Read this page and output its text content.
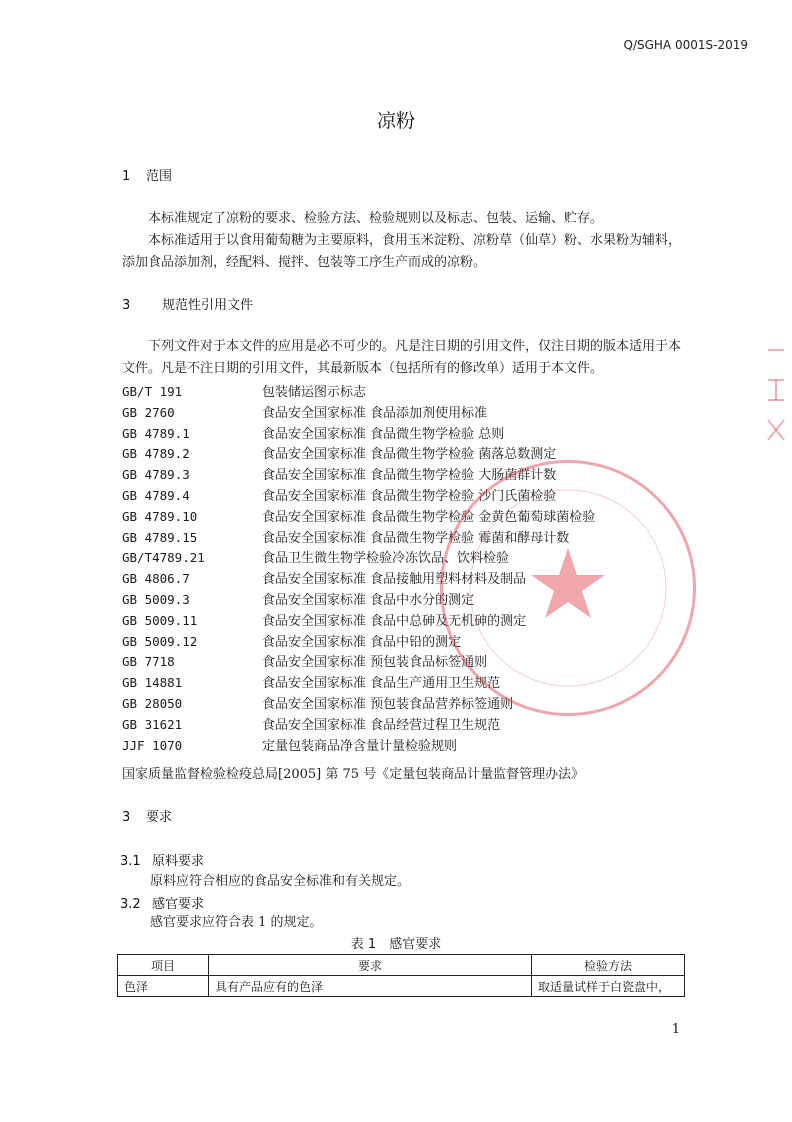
Q/SGHA 0001S-2019
凉粉
1 范围
本标准规定了凉粉的要求、检验方法、检验规则以及标志、包装、运输、贮存。
本标准适用于以食用葡萄糖为主要原料，食用玉米淀粉、凉粉草（仙草）粉、水果粉为辅料，添加食品添加剂，经配料、搅拌、包装等工序生产而成的凉粉。
3 规范性引用文件
下列文件对于本文件的应用是必不可少的。凡是注日期的引用文件，仅注日期的版本适用于本文件。凡是不注日期的引用文件，其最新版本（包括所有的修改单）适用于本文件。
GB/T 191	包装储运图示标志
GB 2760	食品安全国家标准 食品添加剂使用标准
GB 4789.1	食品安全国家标准 食品微生物学检验 总则
GB 4789.2	食品安全国家标准 食品微生物学检验 菌落总数测定
GB 4789.3	食品安全国家标准 食品微生物学检验 大肠菌群计数
GB 4789.4	食品安全国家标准 食品微生物学检验 沙门氏菌检验
GB 4789.10	食品安全国家标准 食品微生物学检验 金黄色葡萄球菌检验
GB 4789.15	食品安全国家标准 食品微生物学检验 霉菌和酵母计数
GB/T4789.21	食品卫生微生物学检验冷冻饮品、饮料检验
GB 4806.7	食品安全国家标准 食品接触用塑料材料及制品
GB 5009.3	食品安全国家标准 食品中水分的测定
GB 5009.11	食品安全国家标准 食品中总砷及无机砷的测定
GB 5009.12	食品安全国家标准 食品中铅的测定
GB 7718	食品安全国家标准 预包装食品标签通则
GB 14881	食品安全国家标准 食品生产通用卫生规范
GB 28050	食品安全国家标准 预包装食品营养标签通则
GB 31621	食品安全国家标准 食品经营过程卫生规范
JJF 1070	定量包装商品净含量计量检验规则
国家质量监督检验检疫总局[2005] 第 75 号《定量包装商品计量监督管理办法》
3 要求
3.1 原料要求
原料应符合相应的食品安全标准和有关规定。
3.2 感官要求
感官要求应符合表 1 的规定。
表 1　感官要求
项目	要求	检验方法
色泽	具有产品应有的色泽	取适量试样于白瓷盘中，
1
